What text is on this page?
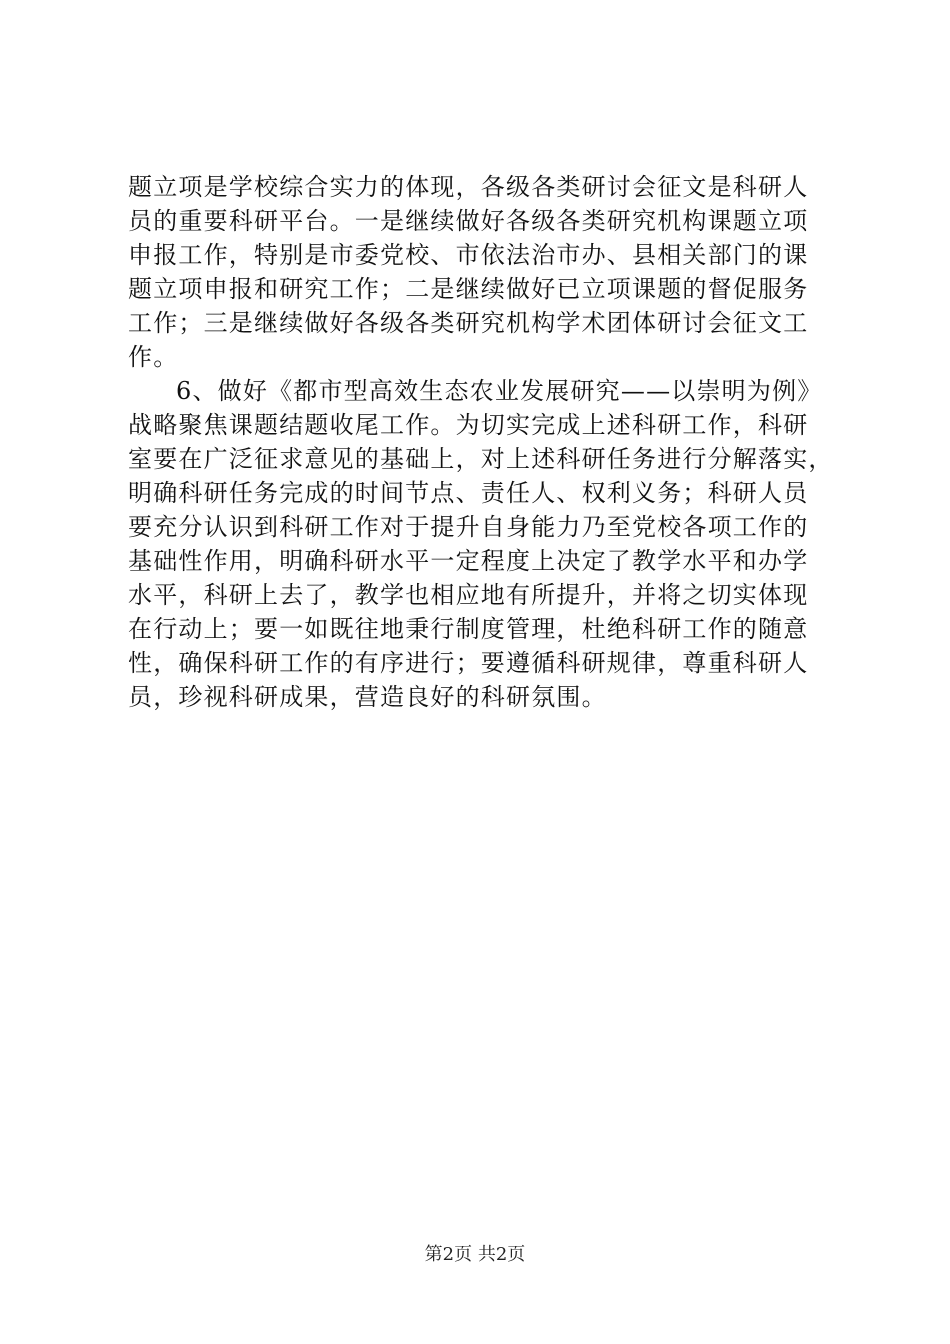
题立项是学校综合实力的体现，各级各类研讨会征文是科研人
员的重要科研平台。一是继续做好各级各类研究机构课题立项
申报工作，特别是市委党校、市依法治市办、县相关部门的课
题立项申报和研究工作；二是继续做好已立项课题的督促服务
工作；三是继续做好各级各类研究机构学术团体研讨会征文工
作。
6、做好《都市型高效生态农业发展研究——以崇明为例》
战略聚焦课题结题收尾工作。为切实完成上述科研工作，科研
室要在广泛征求意见的基础上，对上述科研任务进行分解落实，
明确科研任务完成的时间节点、责任人、权利义务；科研人员
要充分认识到科研工作对于提升自身能力乃至党校各项工作的
基础性作用，明确科研水平一定程度上决定了教学水平和办学
水平，科研上去了，教学也相应地有所提升，并将之切实体现
在行动上；要一如既往地秉行制度管理，杜绝科研工作的随意
性，确保科研工作的有序进行；要遵循科研规律，尊重科研人
员，珍视科研成果，营造良好的科研氛围。
第2页 共2页
